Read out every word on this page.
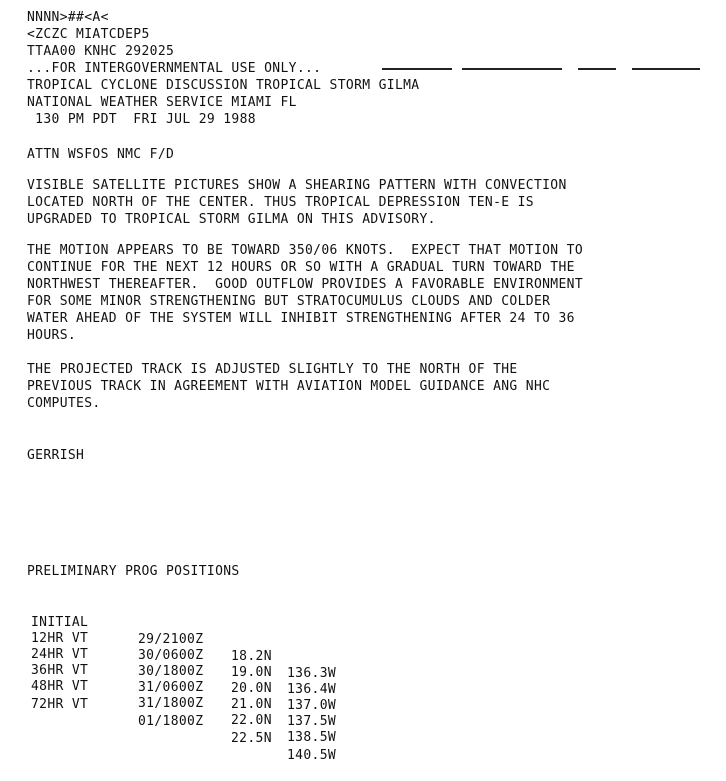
NNNN>##<A<
<ZCZC MIATCDEP5
TTAA00 KNHC 292025
...FOR INTERGOVERNMENTAL USE ONLY...
TROPICAL CYCLONE DISCUSSION TROPICAL STORM GILMA
NATIONAL WEATHER SERVICE MIAMI FL
130 PM PDT  FRI JUL 29 1988
ATTN WSFOS NMC F/D
VISIBLE SATELLITE PICTURES SHOW A SHEARING PATTERN WITH CONVECTION
LOCATED NORTH OF THE CENTER. THUS TROPICAL DEPRESSION TEN-E IS
UPGRADED TO TROPICAL STORM GILMA ON THIS ADVISORY.
THE MOTION APPEARS TO BE TOWARD 350/06 KNOTS.  EXPECT THAT MOTION TO
CONTINUE FOR THE NEXT 12 HOURS OR SO WITH A GRADUAL TURN TOWARD THE
NORTHWEST THEREAFTER.  GOOD OUTFLOW PROVIDES A FAVORABLE ENVIRONMENT
FOR SOME MINOR STRENGTHENING BUT STRATOCUMULUS CLOUDS AND COLDER
WATER AHEAD OF THE SYSTEM WILL INHIBIT STRENGTHENING AFTER 24 TO 36
HOURS.
THE PROJECTED TRACK IS ADJUSTED SLIGHTLY TO THE NORTH OF THE
PREVIOUS TRACK IN AGREEMENT WITH AVIATION MODEL GUIDANCE ANG NHC
COMPUTES.
GERRISH
PRELIMINARY PROG POSITIONS

INITIAL

29/2100Z

18.2N

136.3W

12HR VT

30/0600Z

19.0N

136.4W

24HR VT

30/1800Z

20.0N

137.0W

36HR VT

31/0600Z

21.0N

137.5W

48HR VT

31/1800Z

22.0N

138.5W

72HR VT

01/1800Z

22.5N

140.5W
